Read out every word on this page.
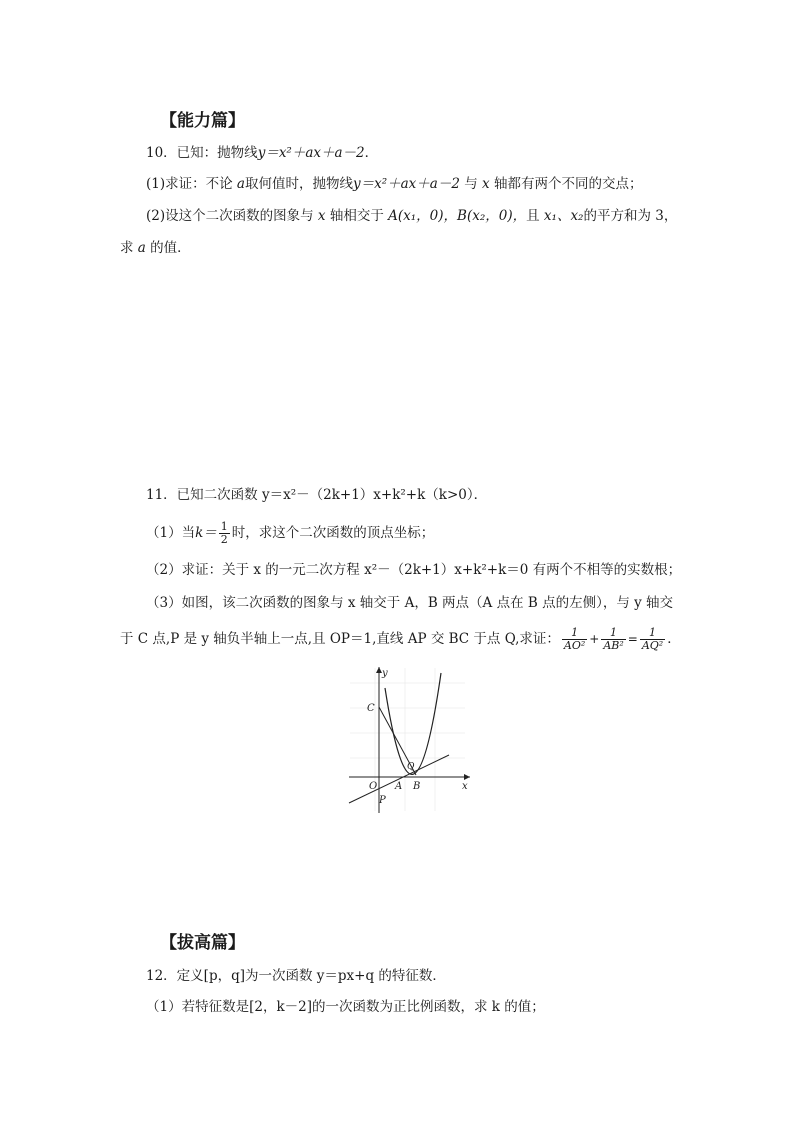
【能力篇】
10．已知：抛物线y＝x²＋ax＋a－2．
(1)求证：不论 a取何值时，抛物线y＝x²＋ax＋a－2 与 x 轴都有两个不同的交点；
(2)设这个二次函数的图象与 x 轴相交于 A(x₁，0)，B(x₂，0)，且 x₁、x₂的平方和为 3，
求 a 的值．
11．已知二次函数 y＝x²－（2k+1）x+k²+k（k>0）．
（1）当 $k= \frac{1}{2}$ 时，求这个二次函数的顶点坐标；
（2）求证：关于 x 的一元二次方程 x²－（2k+1）x+k²+k＝0 有两个不相等的实数根；
（3）如图，该二次函数的图象与 x 轴交于 A，B 两点（A 点在 B 点的左侧），与 y 轴交
于 C 点,P 是 y 轴负半轴上一点,且 OP＝1,直线 AP 交 BC 于点 Q,求证： $\frac{1}{\text{AO²}} + \frac{1}{\text{AB²}} = \frac{1}{\text{AQ²}}$ ．
y
x
C
Q
O A B
P
【拔高篇】
12．定义[p，q]为一次函数 y＝px+q 的特征数．
（1）若特征数是[2，k－2]的一次函数为正比例函数，求 k 的值；
